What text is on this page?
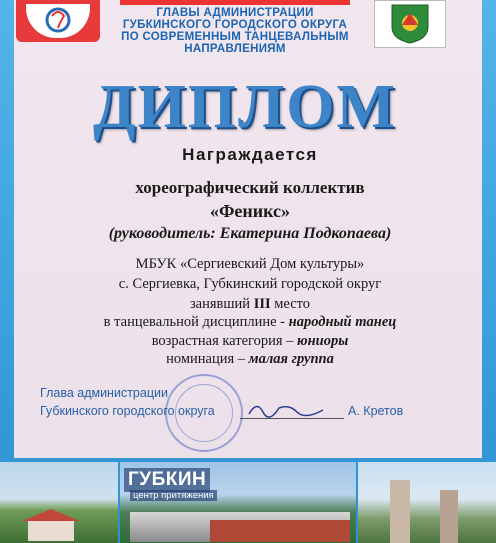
ГЛАВЫ АДМИНИСТРАЦИИ
ГУБКИНСКОГО ГОРОДСКОГО ОКРУГА
ПО СОВРЕМЕННЫМ ТАНЦЕВАЛЬНЫМ
НАПРАВЛЕНИЯМ
ДИПЛОМ
Награждается
хореографический коллектив
«Феникс»
(руководитель: Екатерина Подкопаева)
МБУК «Сергиевский Дом культуры»
с. Сергиевка, Губкинский городской округ
занявший III место
в танцевальной дисциплине - народный танец
возрастная категория – юниоры
номинация – малая группа
Глава администрации
Губкинского городского округа	А. Кретов
ГУБКИН
центр притяжения
